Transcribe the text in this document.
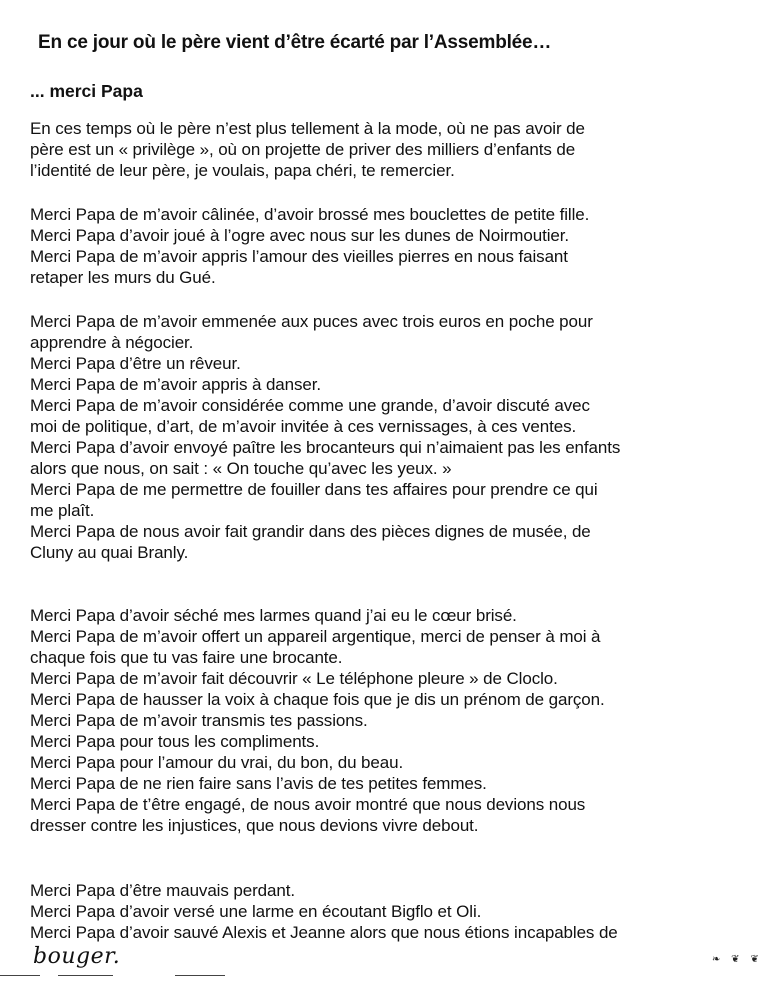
En ce jour où le père vient d’être écarté par l’Assemblée…
... merci Papa
En ces temps où le père n’est plus tellement à la mode, où ne pas avoir de
père est un « privilège », où on projette de priver des milliers d’enfants de
l’identité de leur père, je voulais, papa chéri, te remercier.
Merci Papa de m’avoir câlinée, d’avoir brossé mes bouclettes de petite fille.
Merci Papa d’avoir joué à l’ogre avec nous sur les dunes de Noirmoutier.
Merci Papa de m’avoir appris l’amour des vieilles pierres en nous faisant
retaper les murs du Gué.
Merci Papa de m’avoir emmenée aux puces avec trois euros en poche pour
apprendre à négocier.
Merci Papa d’être un rêveur.
Merci Papa de m’avoir appris à danser.
Merci Papa de m’avoir considérée comme une grande, d’avoir discuté avec
moi de politique, d’art, de m’avoir invitée à ces vernissages, à ces ventes.
Merci Papa d’avoir envoyé paître les brocanteurs qui n’aimaient pas les enfants
alors que nous, on sait : « On touche qu’avec les yeux. »
Merci Papa de me permettre de fouiller dans tes affaires pour prendre ce qui
me plaît.
Merci Papa de nous avoir fait grandir dans des pièces dignes de musée, de
Cluny au quai Branly.
Merci Papa d’avoir séché mes larmes quand j’ai eu le cœur brisé.
Merci Papa de m’avoir offert un appareil argentique, merci de penser à moi à
chaque fois que tu vas faire une brocante.
Merci Papa de m’avoir fait découvrir « Le téléphone pleure » de Cloclo.
Merci Papa de hausser la voix à chaque fois que je dis un prénom de garçon.
Merci Papa de m’avoir transmis tes passions.
Merci Papa pour tous les compliments.
Merci Papa pour l’amour du vrai, du bon, du beau.
Merci Papa de ne rien faire sans l’avis de tes petites femmes.
Merci Papa de t’être engagé, de nous avoir montré que nous devions nous
dresser contre les injustices, que nous devions vivre debout.
Merci Papa d’être mauvais perdant.
Merci Papa d’avoir versé une larme en écoutant Bigflo et Oli.
Merci Papa d’avoir sauvé Alexis et Jeanne alors que nous étions incapables de
bouger.	❧ ❦ ❦
